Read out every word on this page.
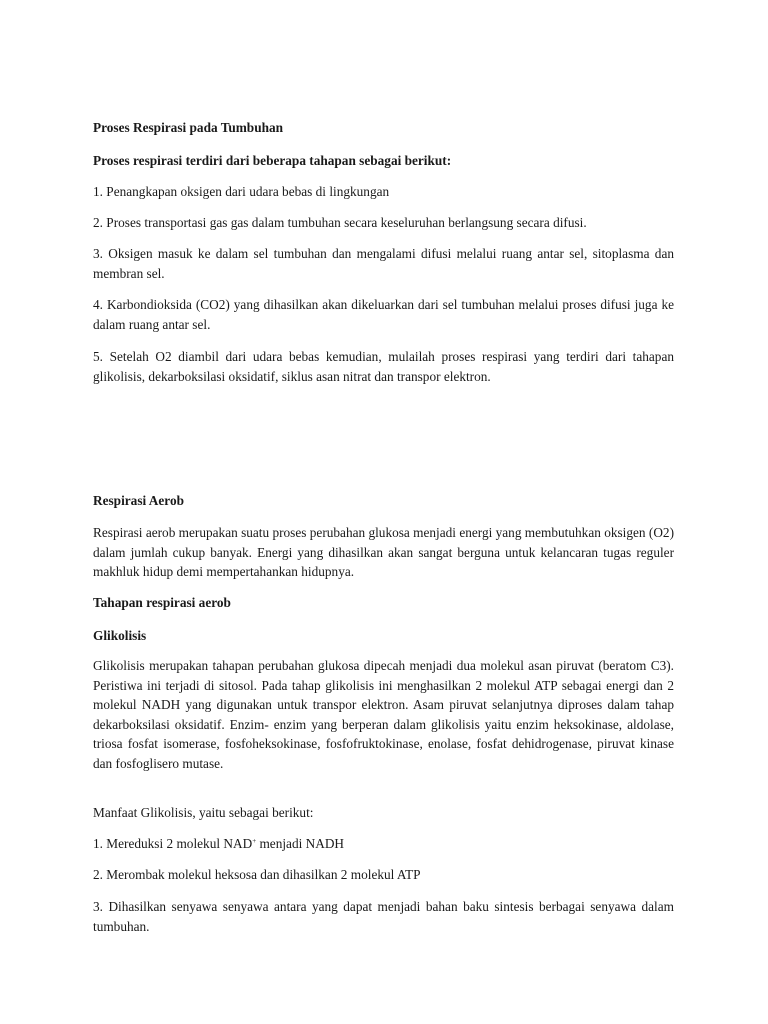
Proses Respirasi pada Tumbuhan

Proses respirasi terdiri dari beberapa tahapan sebagai berikut:

1. Penangkapan oksigen dari udara bebas di lingkungan

2. Proses transportasi gas gas dalam tumbuhan secara keseluruhan berlangsung secara difusi.

3. Oksigen masuk ke dalam sel tumbuhan dan mengalami difusi melalui ruang antar sel, sitoplasma dan membran sel.

4. Karbondioksida (CO2) yang dihasilkan akan dikeluarkan dari sel tumbuhan melalui proses difusi juga ke dalam ruang antar sel.

5. Setelah O2 diambil dari udara bebas kemudian, mulailah proses respirasi yang terdiri dari tahapan glikolisis, dekarboksilasi oksidatif, siklus asan nitrat dan transpor elektron.

Respirasi Aerob

Respirasi aerob merupakan suatu proses perubahan glukosa menjadi energi yang membutuhkan oksigen (O2) dalam jumlah cukup banyak. Energi yang dihasilkan akan sangat berguna untuk kelancaran tugas reguler makhluk hidup demi mempertahankan hidupnya.

Tahapan respirasi aerob

Glikolisis

Glikolisis merupakan tahapan perubahan glukosa dipecah menjadi dua molekul asan piruvat (beratom C3). Peristiwa ini terjadi di sitosol. Pada tahap glikolisis ini menghasilkan 2 molekul ATP sebagai energi dan 2 molekul NADH yang digunakan untuk transpor elektron. Asam piruvat selanjutnya diproses dalam tahap dekarboksilasi oksidatif. Enzim- enzim yang berperan dalam glikolisis yaitu enzim heksokinase, aldolase, triosa fosfat isomerase, fosfoheksokinase, fosfofruktokinase, enolase, fosfat dehidrogenase, piruvat kinase dan fosfoglisero mutase.

Manfaat Glikolisis, yaitu sebagai berikut:

1. Mereduksi 2 molekul NAD+ menjadi NADH

2. Merombak molekul heksosa dan dihasilkan 2 molekul ATP

3. Dihasilkan senyawa senyawa antara yang dapat menjadi bahan baku sintesis berbagai senyawa dalam tumbuhan.
